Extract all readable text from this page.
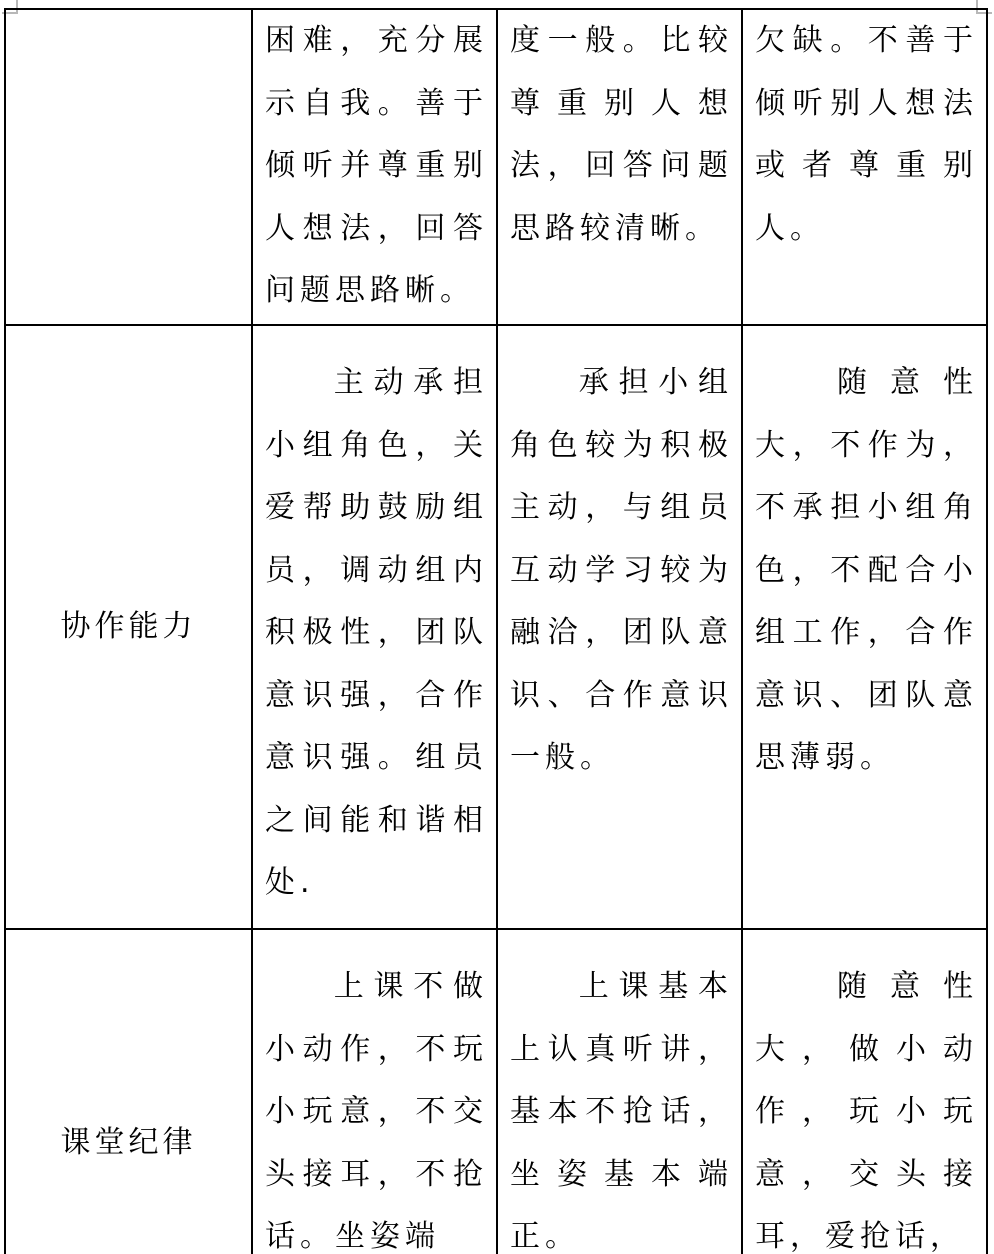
	困难，充分展示自我。善于倾听并尊重别人想法，回答问题思路晰。	度一般。比较尊重别人想法，回答问题思路较清晰。	欠缺。不善于倾听别人想法或者尊重别人。
协作能力	主动承担小组角色，关爱帮助鼓励组员，调动组内积极性，团队意识强，合作意识强。组员之间能和谐相处.	承担小组角色较为积极主动，与组员互动学习较为融洽，团队意识、合作意识一般。	随意性大，不作为，不承担小组角色，不配合小组工作，合作意识、团队意思薄弱。
课堂纪律	上课不做小动作，不玩小玩意，不交头接耳，不抢话。坐姿端	上课基本上认真听讲，基本不抢话，坐姿基本端正。	随意性大，做小动作，玩小玩意，交头接耳，爱抢话，
